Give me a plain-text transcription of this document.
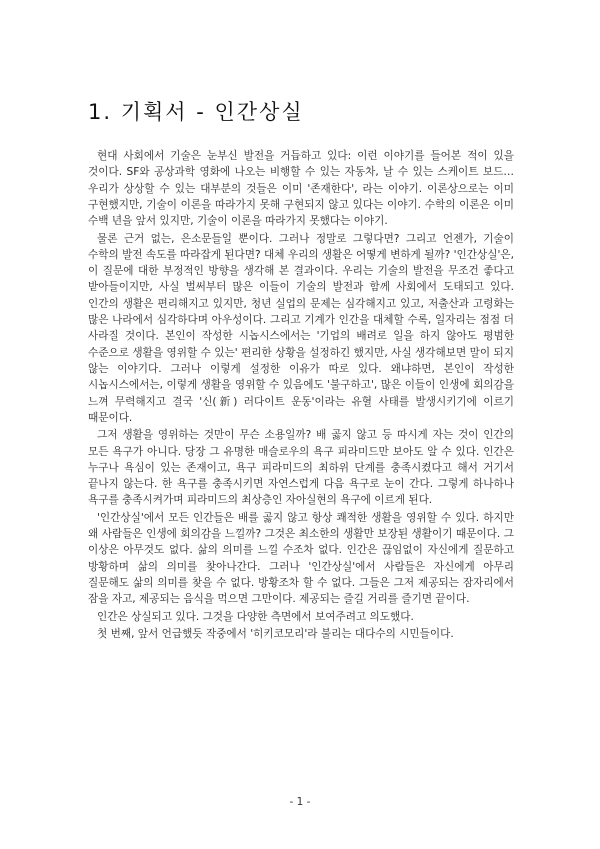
1. 기획서 - 인간상실

현대 사회에서 기술은 눈부신 발전을 거듭하고 있다: 이런 이야기를 들어본 적이 있을 것이다. SF와 공상과학 영화에 나오는 비행할 수 있는 자동차, 날 수 있는 스케이트 보드…우리가 상상할 수 있는 대부분의 것들은 이미 '존재한다', 라는 이야기. 이론상으로는 이미 구현했지만, 기술이 이론을 따라가지 못해 구현되지 않고 있다는 이야기. 수학의 이론은 이미 수백 년을 앞서 있지만, 기술이 이론을 따라가지 못했다는 이야기.

물론 근거 없는, 은소문들일 뿐이다. 그러나 정말로 그렇다면? 그리고 언젠가, 기술이 수학의 발전 속도를 따라잡게 된다면? 대체 우리의 생활은 어떻게 변하게 될까? '인간상실'은, 이 질문에 대한 부정적인 방향을 생각해 본 결과이다. 우리는 기술의 발전을 무조건 좋다고 받아들이지만, 사실 벌써부터 많은 이들이 기술의 발전과 함께 사회에서 도태되고 있다. 인간의 생활은 편리해지고 있지만, 청년 실업의 문제는 심각해지고 있고, 저출산과 고령화는 많은 나라에서 심각하다며 아우성이다. 그리고 기계가 인간을 대체할 수록, 일자리는 점점 더 사라질 것이다. 본인이 작성한 시놉시스에서는 '기업의 배려로 일을 하지 않아도 평범한 수준으로 생활을 영위할 수 있는' 편리한 상황을 설정하긴 했지만, 사실 생각해보면 말이 되지 않는 이야기다. 그러나 이렇게 설정한 이유가 따로 있다. 왜냐하면, 본인이 작성한 시놉시스에서는, 이렇게 생활을 영위할 수 있음에도 '불구하고', 많은 이들이 인생에 회의감을 느껴 무력해지고 결국 '신(新) 러다이트 운동'이라는 유혈 사태를 발생시키기에 이르기 때문이다.

그저 생활을 영위하는 것만이 무슨 소용일까? 배 곯지 않고 등 따시게 자는 것이 인간의 모든 욕구가 아니다. 당장 그 유명한 매슬로우의 욕구 피라미드만 보아도 알 수 있다. 인간은 누구나 욕심이 있는 존재이고, 욕구 피라미드의 최하위 단계를 충족시켰다고 해서 거기서 끝나지 않는다. 한 욕구를 충족시키면 자연스럽게 다음 욕구로 눈이 간다. 그렇게 하나하나 욕구를 충족시켜가며 피라미드의 최상층인 자아실현의 욕구에 이르게 된다.

'인간상실'에서 모든 인간들은 배를 곯지 않고 항상 쾌적한 생활을 영위할 수 있다. 하지만 왜 사람들은 인생에 회의감을 느낄까? 그것은 최소한의 생활만 보장된 생활이기 때문이다. 그 이상은 아무것도 없다. 삶의 의미를 느낄 수조차 없다. 인간은 끊임없이 자신에게 질문하고 방황하며 삶의 의미를 찾아나간다. 그러나 '인간상실'에서 사람들은 자신에게 아무리 질문해도 삶의 의미를 찾을 수 없다. 방황조차 할 수 없다. 그들은 그저 제공되는 잠자리에서 잠을 자고, 제공되는 음식을 먹으면 그만이다. 제공되는 즐길 거리를 즐기면 끝이다.

인간은 상실되고 있다. 그것을 다양한 측면에서 보여주려고 의도했다.

첫 번째, 앞서 언급했듯 작중에서 '히키코모리'라 불리는 대다수의 시민들이다.

- 1 -
